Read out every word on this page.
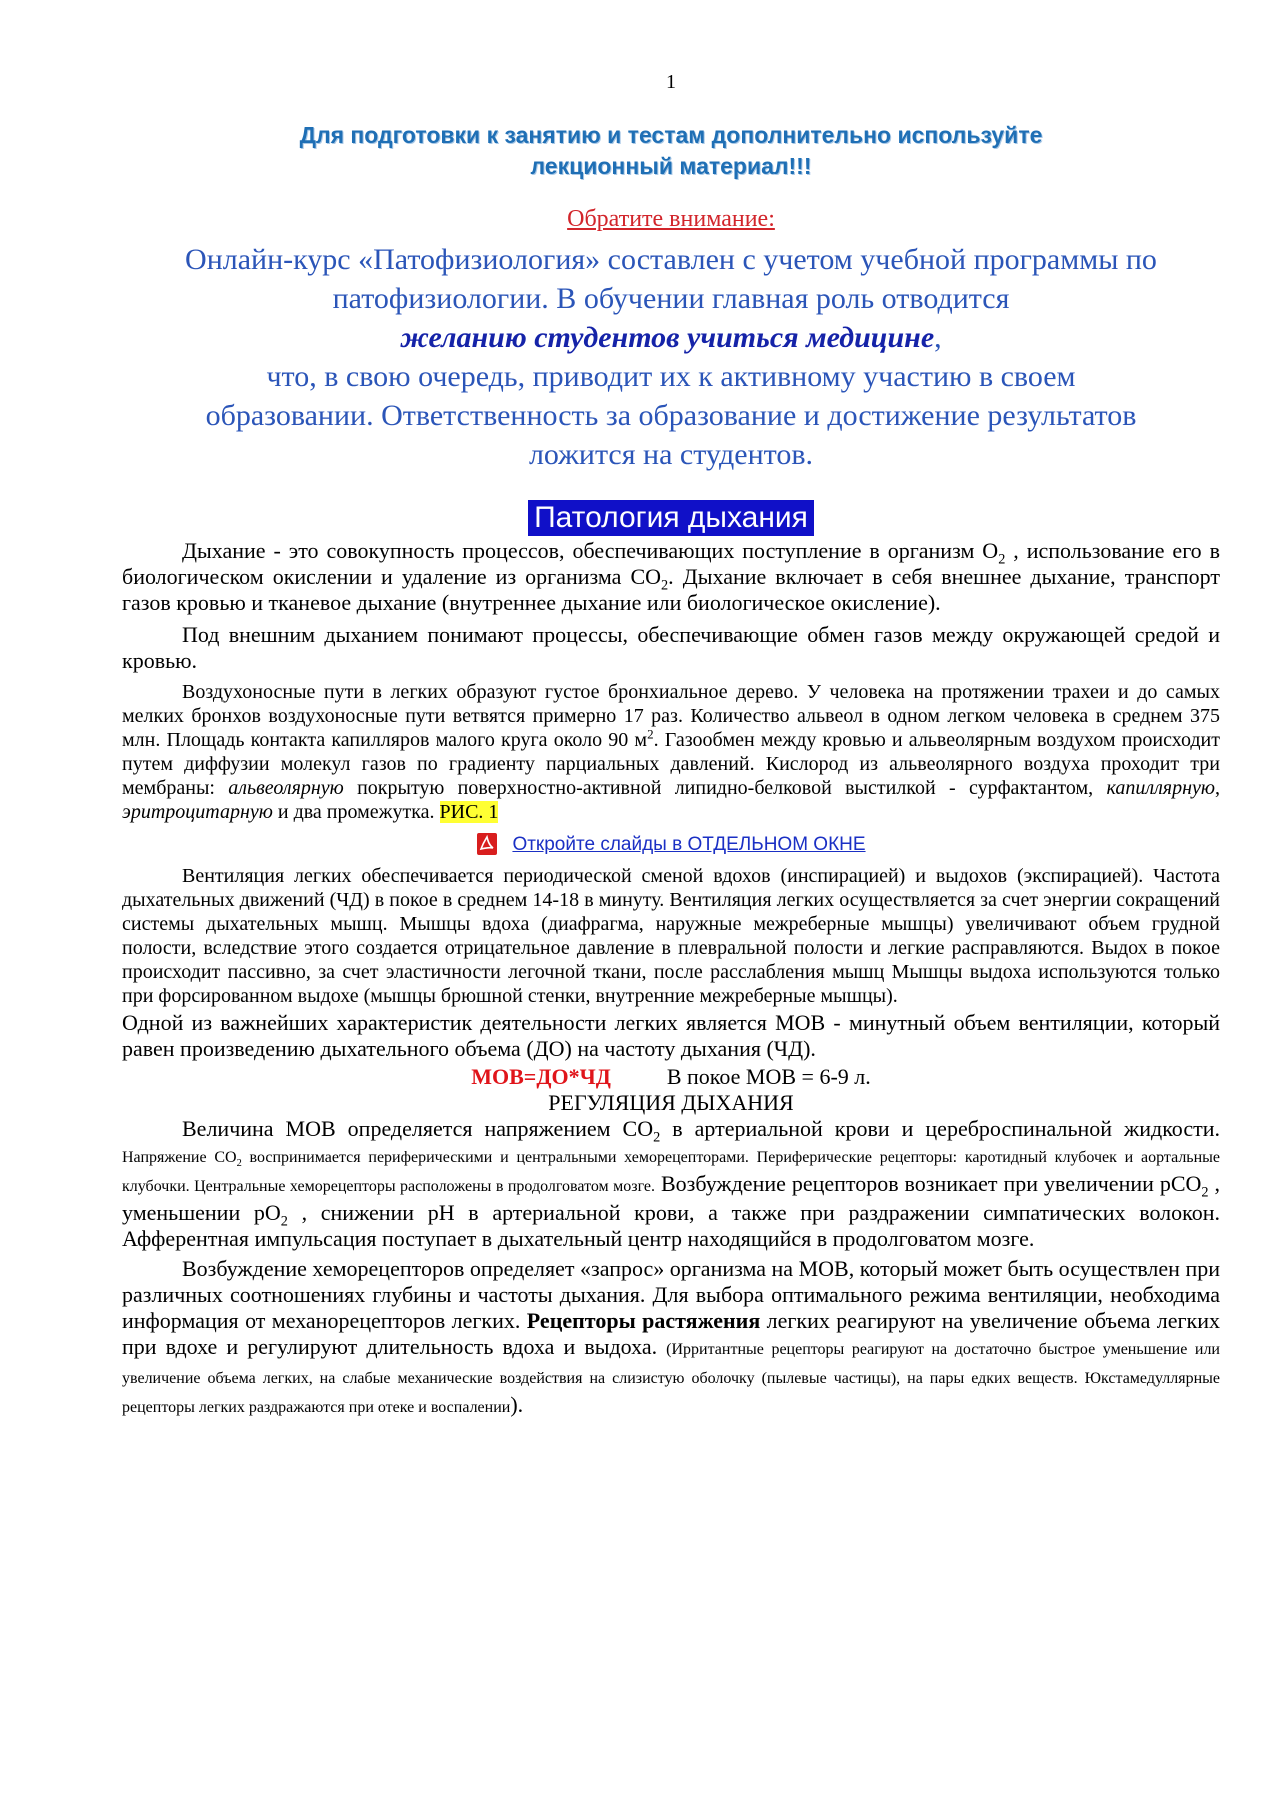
1
Для подготовки к занятию и тестам дополнительно используйте
лекционный материал!!!
Обратите внимание:
Онлайн-курс «Патофизиология» составлен с учетом учебной программы по
патофизиологии. В обучении главная роль отводится
желанию студентов учиться медицине,
что, в свою очередь, приводит их к активному участию в своем
образовании. Ответственность за образование и достижение результатов
ложится на студентов.
Патология дыхания

Дыхание - это совокупность процессов, обеспечивающих поступление в организм $O_2$ , использование его в биологическом окислении и удаление из организма $CO_2$. Дыхание включает в себя внешнее дыхание, транспорт газов кровью и тканевое дыхание (внутреннее дыхание или биологическое окисление).

Под внешним дыханием понимают процессы, обеспечивающие обмен газов между окружающей средой и кровью.

Воздухоносные пути в легких образуют густое бронхиальное дерево. У человека на протяжении трахеи и до самых мелких бронхов воздухоносные пути ветвятся примерно 17 раз. Количество альвеол в одном легком человека в среднем 375 млн. Площадь контакта капилляров малого круга около 90 $м^2$. Газообмен между кровью и альвеолярным воздухом происходит путем диффузии молекул газов по градиенту парциальных давлений. Кислород из альвеолярного воздуха проходит три мембраны: альвеолярную покрытую поверхностно-активной липидно-белковой выстилкой - сурфактантом, капиллярную, эритроцитарную и два промежутка. РИС. 1

Откройте слайды в ОТДЕЛЬНОМ ОКНЕ

Вентиляция легких обеспечивается периодической сменой вдохов (инспирацией) и выдохов (экспирацией). Частота дыхательных движений (ЧД) в покое в среднем 14-18 в минуту. Вентиляция легких осуществляется за счет энергии сокращений системы дыхательных мышц. Мышцы вдоха (диафрагма, наружные межреберные мышцы) увеличивают объем грудной полости, вследствие этого создается отрицательное давление в плевральной полости и легкие расправляются. Выдох в покое происходит пассивно, за счет эластичности легочной ткани, после расслабления мышц Мышцы выдоха используются только при форсированном выдохе (мышцы брюшной стенки, внутренние межреберные мышцы).

Одной из важнейших характеристик деятельности легких является МОВ - минутный объем вентиляции, который равен произведению дыхательного объема (ДО) на частоту дыхания (ЧД).

МОВ=ДО*ЧД	В покое МОВ = 6-9 л.
РЕГУЛЯЦИЯ ДЫХАНИЯ

Величина МОВ определяется напряжением $CO_2$ в артериальной крови и цереброспинальной жидкости. Напряжение $CO_2$ воспринимается периферическими и центральными хеморецепторами. Периферические рецепторы: каротидный клубочек и аортальные клубочки. Центральные хеморецепторы расположены в продолговатом мозге. Возбуждение рецепторов возникает при увеличении pCO$_2$ , уменьшении $pO_2$ , снижении pH в артериальной крови, а также при раздражении симпатических волокон. Афферентная импульсация поступает в дыхательный центр находящийся в продолговатом мозге.

Возбуждение хеморецепторов определяет «запрос» организма на МОВ, который может быть осуществлен при различных соотношениях глубины и частоты дыхания. Для выбора оптимального режима вентиляции, необходима информация от механорецепторов легких. Рецепторы растяжения легких реагируют на увеличение объема легких при вдохе и регулируют длительность вдоха и выдоха. (Ирритантные рецепторы реагируют на достаточно быстрое уменьшение или увеличение объема легких, на слабые механические воздействия на слизистую оболочку (пылевые частицы), на пары едких веществ. Юкстамедуллярные рецепторы легких раздражаются при отеке и воспалении).
